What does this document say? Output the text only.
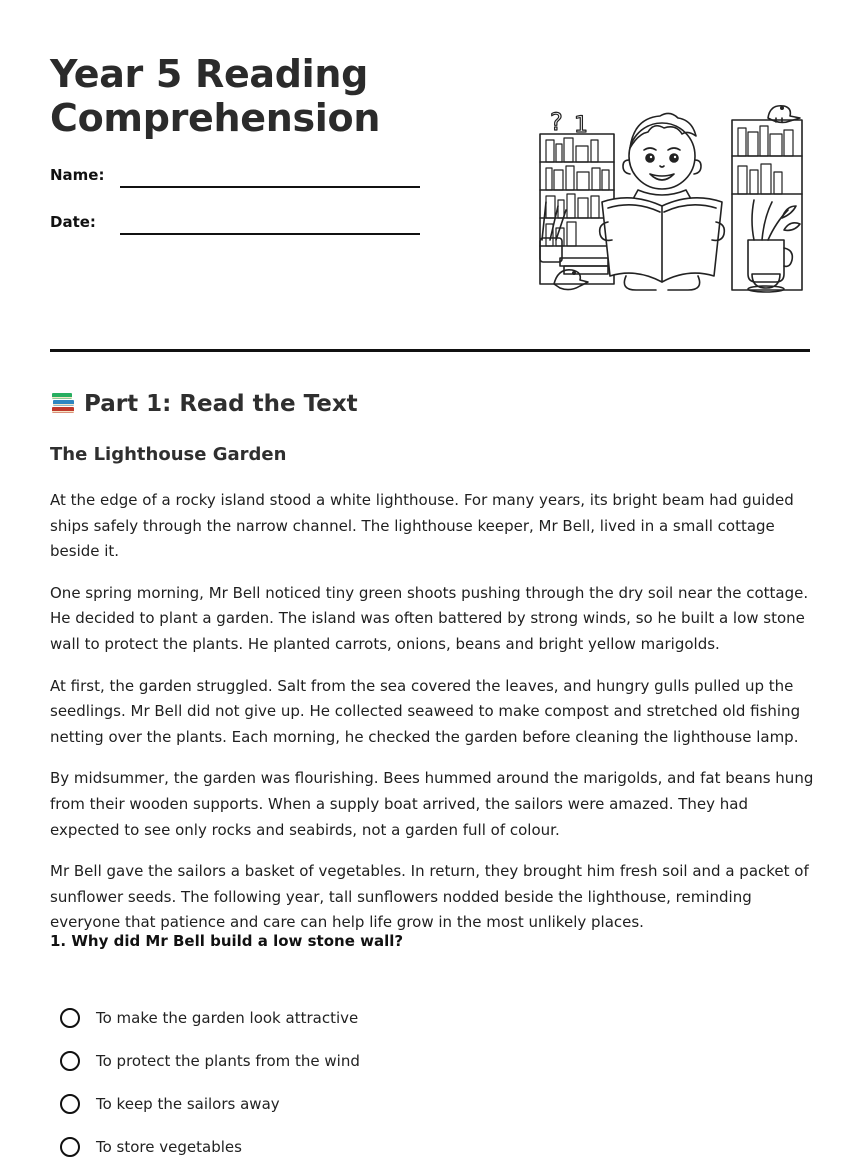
Year 5 Reading
Comprehension
Name:
Date:
? 1
Part 1: Read the Text
The Lighthouse Garden

At the edge of a rocky island stood a white lighthouse. For many years, its bright beam had guided ships safely through the narrow channel. The lighthouse keeper, Mr Bell, lived in a small cottage beside it.

One spring morning, Mr Bell noticed tiny green shoots pushing through the dry soil near the cottage. He decided to plant a garden. The island was often battered by strong winds, so he built a low stone wall to protect the plants. He planted carrots, onions, beans and bright yellow marigolds.

At first, the garden struggled. Salt from the sea covered the leaves, and hungry gulls pulled up the seedlings. Mr Bell did not give up. He collected seaweed to make compost and stretched old fishing netting over the plants. Each morning, he checked the garden before cleaning the lighthouse lamp.

By midsummer, the garden was flourishing. Bees hummed around the marigolds, and fat beans hung from their wooden supports. When a supply boat arrived, the sailors were amazed. They had expected to see only rocks and seabirds, not a garden full of colour.

Mr Bell gave the sailors a basket of vegetables. In return, they brought him fresh soil and a packet of sunflower seeds. The following year, tall sunflowers nodded beside the lighthouse, reminding everyone that patience and care can help life grow in the most unlikely places.

1. Why did Mr Bell build a low stone wall?

To make the garden look attractive
To protect the plants from the wind
To keep the sailors away
To store vegetables
